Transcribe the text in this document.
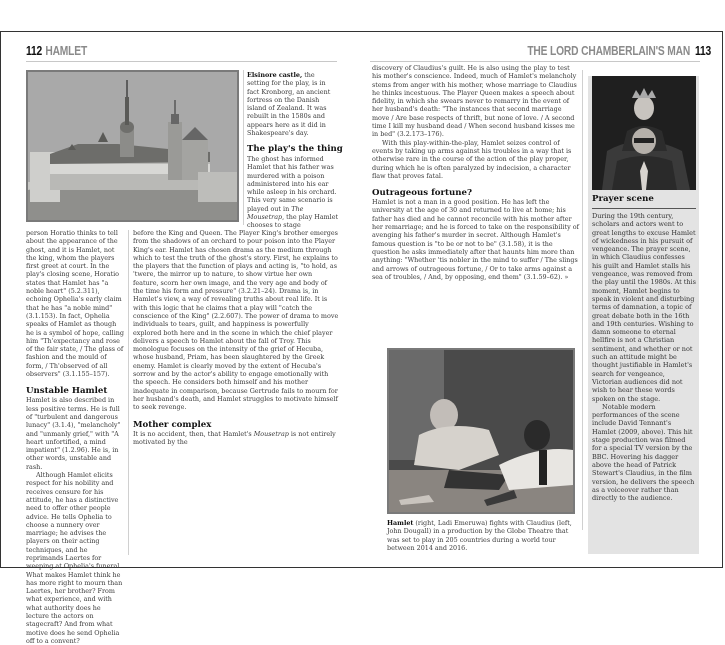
112 HAMLET	THE LORD CHAMBERLAIN'S MAN 113

Elsinore castle, the setting for the play, is in fact Kronborg, an ancient fortress on the Danish island of Zealand. It was rebuilt in the 1580s and appears here as it did in Shakespeare's day.

The play's the thing

The ghost has informed Hamlet that his father was murdered with a poison administered into his ear while asleep in his orchard. This very same scenario is played out in The Mousetrap, the play Hamlet chooses to stage

person Horatio thinks to tell about the appearance of the ghost, and it is Hamlet, not the king, whom the players first greet at court. In the play's closing scene, Horatio states that Hamlet has "a noble heart" (5.2.311), echoing Ophelia's early claim that he has "a noble mind" (3.1.153). In fact, Ophelia speaks of Hamlet as though he is a symbol of hope, calling him "Th'expectancy and rose of the fair state, / The glass of fashion and the mould of form, / Th'observed of all observers" (3.1.155–157).

Unstable Hamlet

Hamlet is also described in less positive terms. He is full of "turbulent and dangerous lunacy" (3.1.4), "melancholy" and "unmanly grief," with "A heart unfortified, a mind impatient" (1.2.96). He is, in other words, unstable and rash.

Although Hamlet elicits respect for his nobility and receives censure for his attitude, he has a distinctive need to offer other people advice. He tells Ophelia to choose a nunnery over marriage; he advises the players on their acting techniques, and he reprimands Laertes for weeping at Ophelia's funeral. What makes Hamlet think he has more right to mourn than Laertes, her brother? From what experience, and with what authority does he lecture the actors on stagecraft? And from what motive does he send Ophelia off to a convent?

before the King and Queen. The Player King's brother emerges from the shadows of an orchard to pour poison into the Player King's ear. Hamlet has chosen drama as the medium through which to test the truth of the ghost's story. First, he explains to the players that the function of plays and acting is, "to hold, as 'twere, the mirror up to nature, to show virtue her own feature, scorn her own image, and the very age and body of the time his form and pressure" (3.2.21–24). Drama is, in Hamlet's view, a way of revealing truths about real life. It is with this logic that he claims that a play will "catch the conscience of the King" (2.2.607). The power of drama to move individuals to tears, guilt, and happiness is powerfully explored both here and in the scene in which the chief player delivers a speech to Hamlet about the fall of Troy. This monologue focuses on the intensity of the grief of Hecuba, whose husband, Priam, has been slaughtered by the Greek enemy. Hamlet is clearly moved by the extent of Hecuba's sorrow and by the actor's ability to engage emotionally with the speech. He considers both himself and his mother inadequate in comparison, because Gertrude fails to mourn for her husband's death, and Hamlet struggles to motivate himself to seek revenge.

Mother complex

It is no accident, then, that Hamlet's Mousetrap is not entirely motivated by the

discovery of Claudius's guilt. He is also using the play to test his mother's conscience. Indeed, much of Hamlet's melancholy stems from anger with his mother, whose marriage to Claudius he thinks incestuous. The Player Queen makes a speech about fidelity, in which she swears never to remarry in the event of her husband's death: "The instances that second marriage move / Are base respects of thrift, but none of love. / A second time I kill my husband dead / When second husband kisses me in bed" (3.2.173–176).

With this play-within-the-play, Hamlet seizes control of events by taking up arms against his troubles in a way that is otherwise rare in the course of the action of the play proper, during which he is often paralyzed by indecision, a character flaw that proves fatal.

Outrageous fortune?

Hamlet is not a man in a good position. He has left the university at the age of 30 and returned to live at home; his father has died and he cannot reconcile with his mother after her remarriage; and he is forced to take on the responsibility of avenging his father's murder in secret. Although Hamlet's famous question is "to be or not to be" (3.1.58), it is the question he asks immediately after that haunts him more than anything: "Whether 'tis nobler in the mind to suffer / The slings and arrows of outrageous fortune, / Or to take arms against a sea of troubles, / And, by opposing, end them" (3.1.59–62). »

Hamlet (right, Ladi Emeruwa) fights with Claudius (left, John Dougall) in a production by the Globe Theatre that was set to play in 205 countries during a world tour between 2014 and 2016.

Prayer scene

During the 19th century, scholars and actors went to great lengths to excuse Hamlet of wickedness in his pursuit of vengeance. The prayer scene, in which Claudius confesses his guilt and Hamlet stalls his vengeance, was removed from the play until the 1980s. At this moment, Hamlet begins to speak in violent and disturbing terms of damnation, a topic of great debate both in the 16th and 19th centuries. Wishing to damn someone to eternal hellfire is not a Christian sentiment, and whether or not such an attitude might be thought justifiable in Hamlet's search for vengeance, Victorian audiences did not wish to hear these words spoken on the stage.

Notable modern performances of the scene include David Tennant's Hamlet (2009, above). This hit stage production was filmed for a special TV version by the BBC. Hovering his dagger above the head of Patrick Stewart's Claudius, in the film version, he delivers the speech as a voiceover rather than directly to the audience.
